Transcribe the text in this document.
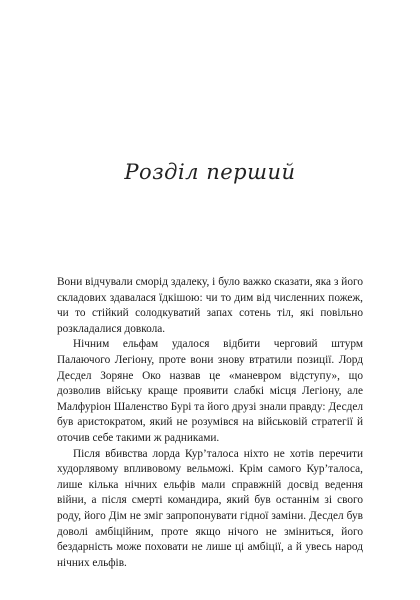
Розділ перший

Вони відчували сморід здалеку, і було важко сказати, яка з його складових здавалася їдкішою: чи то дим від численних пожеж, чи то стійкий солодкуватий запах сотень тіл, які повільно розкладалися довкола.

Нічним ельфам удалося відбити черговий штурм Палаючого Легіону, проте вони знову втратили позиції. Лорд Десдел Зоряне Око назвав це «маневром відступу», що дозволив війську краще проявити слабкі місця Легіону, але Малфуріон Шаленство Бурі та його друзі знали правду: Десдел був аристократом, який не розумівся на військовій стратегії й оточив себе такими ж радниками.

Після вбивства лорда Кур’талоса ніхто не хотів перечити худорлявому впливовому вельможі. Крім самого Кур’талоса, лише кілька нічних ельфів мали справжній досвід ведення війни, а після смерті командира, який був останнім зі свого роду, його Дім не зміг запропонувати гідної заміни. Десдел був доволі амбіційним, проте якщо нічого не зміниться, його бездарність може поховати не лише ці амбіції, а й увесь народ нічних ельфів.
